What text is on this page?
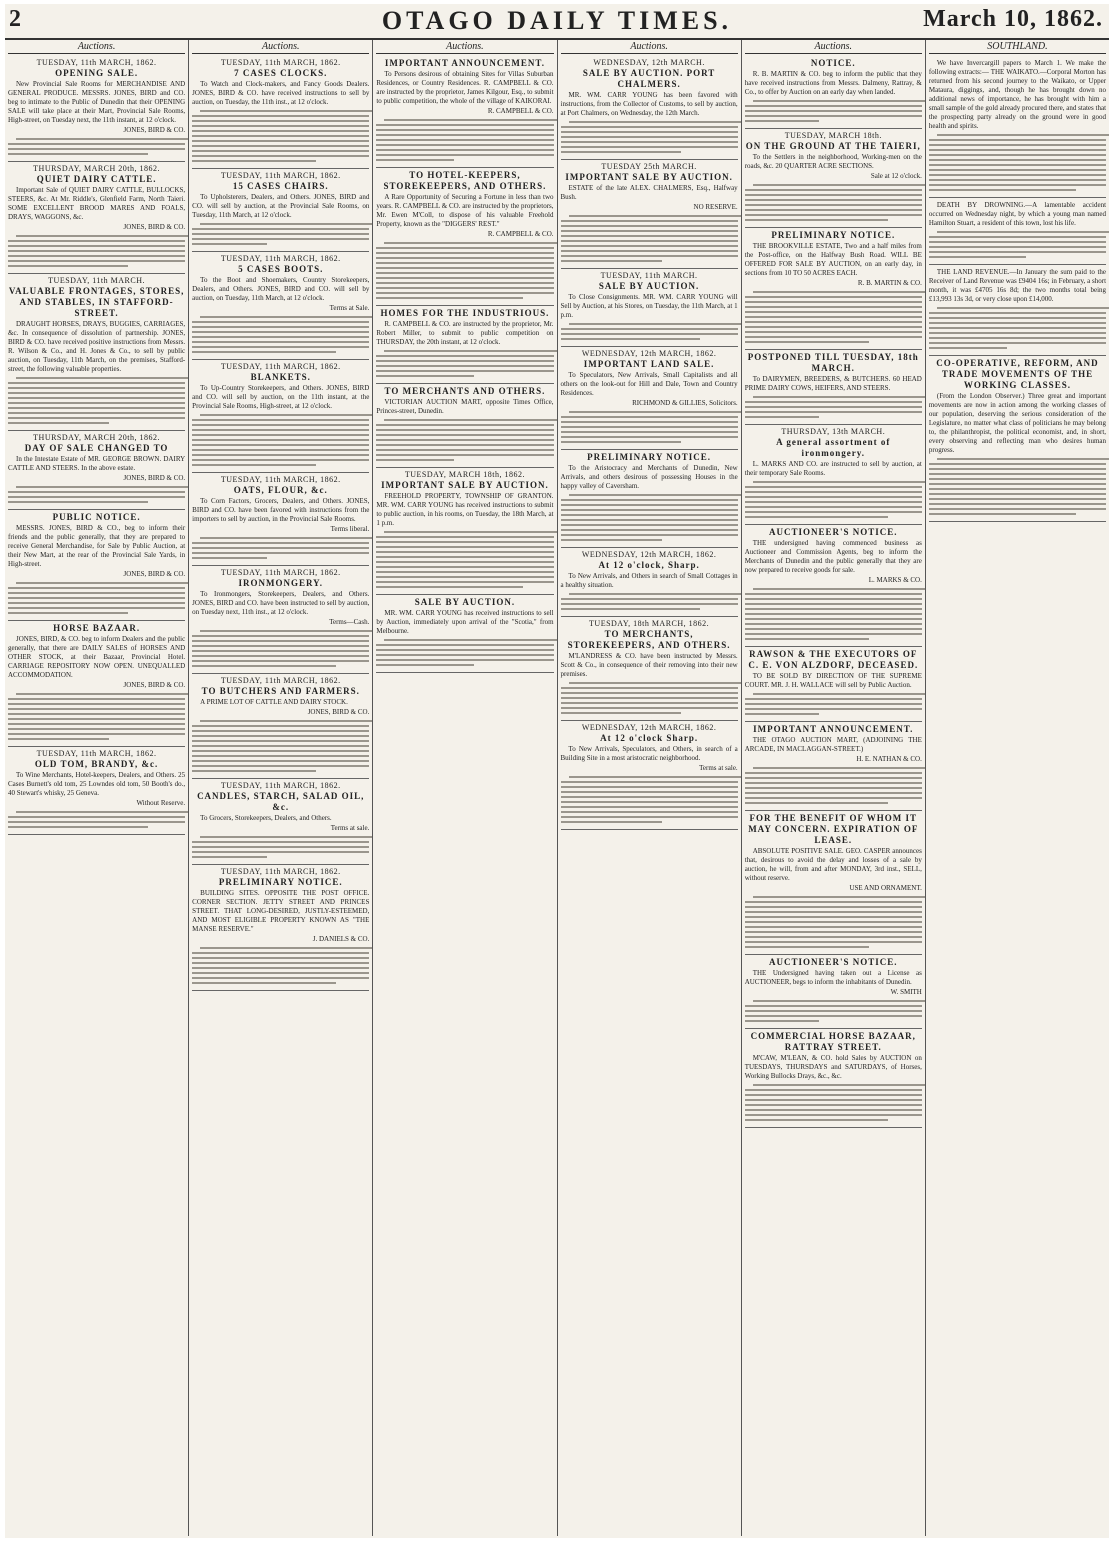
2	OTAGO DAILY TIMES.	March 10, 1862.
Auctions.
TUESDAY, 11th MARCH, 1862.
OPENING SALE.
New Provincial Sale Rooms for MERCHANDISE AND GENERAL PRODUCE. MESSRS. JONES, BIRD and CO. beg to intimate to the Public of Dunedin that their OPENING SALE will take place at their Mart, Provincial Sale Rooms, High-street, on Tuesday next, the 11th instant, at 12 o'clock.
JONES, BIRD & CO.
THURSDAY, MARCH 20th, 1862.
QUIET DAIRY CATTLE.
Important Sale of QUIET DAIRY CATTLE, BULLOCKS, STEERS, &c. At Mr. Riddle's, Glenfield Farm, North Taieri. SOME EXCELLENT BROOD MARES AND FOALS, DRAYS, WAGGONS, &c.
JONES, BIRD & CO.
TUESDAY, 11th MARCH.
VALUABLE FRONTAGES, STORES, AND STABLES, IN STAFFORD-STREET.
DRAUGHT HORSES, DRAYS, BUGGIES, CARRIAGES, &c. In consequence of dissolution of partnership. JONES, BIRD & CO. have received positive instructions from Messrs. R. Wilson & Co., and H. Jones & Co., to sell by public auction, on Tuesday, 11th March, on the premises, Stafford-street, the following valuable properties.
THURSDAY, MARCH 20th, 1862.
DAY OF SALE CHANGED TO
In the Intestate Estate of MR. GEORGE BROWN. DAIRY CATTLE AND STEERS. In the above estate.
JONES, BIRD & CO.
PUBLIC NOTICE.
MESSRS. JONES, BIRD & CO., beg to inform their friends and the public generally, that they are prepared to receive General Merchandise, for Sale by Public Auction, at their New Mart, at the rear of the Provincial Sale Yards, in High-street.
JONES, BIRD & CO.
HORSE BAZAAR.
JONES, BIRD, & CO. beg to inform Dealers and the public generally, that there are DAILY SALES of HORSES AND OTHER STOCK, at their Bazaar, Provincial Hotel. CARRIAGE REPOSITORY NOW OPEN. UNEQUALLED ACCOMMODATION.
JONES, BIRD & CO.
TUESDAY, 11th MARCH, 1862.
OLD TOM, BRANDY, &c.
To Wine Merchants, Hotel-keepers, Dealers, and Others. 25 Cases Burnett's old tom, 25 Lowndes old tom, 50 Booth's do., 40 Stewart's whisky, 25 Geneva.
Without Reserve.
Auctions.
TUESDAY, 11th MARCH, 1862.
7 CASES CLOCKS.
To Watch and Clock-makers, and Fancy Goods Dealers. JONES, BIRD & CO. have received instructions to sell by auction, on Tuesday, the 11th inst., at 12 o'clock.
TUESDAY, 11th MARCH, 1862.
15 CASES CHAIRS.
To Upholsterers, Dealers, and Others. JONES, BIRD and CO. will sell by auction, at the Provincial Sale Rooms, on Tuesday, 11th March, at 12 o'clock.
TUESDAY, 11th MARCH, 1862.
5 CASES BOOTS.
To the Boot and Shoemakers, Country Storekeepers, Dealers, and Others. JONES, BIRD and CO. will sell by auction, on Tuesday, 11th March, at 12 o'clock.
Terms at Sale.
TUESDAY, 11th MARCH, 1862.
BLANKETS.
To Up-Country Storekeepers, and Others. JONES, BIRD and CO. will sell by auction, on the 11th instant, at the Provincial Sale Rooms, High-street, at 12 o'clock.
TUESDAY, 11th MARCH, 1862.
OATS, FLOUR, &c.
To Corn Factors, Grocers, Dealers, and Others. JONES, BIRD and CO. have been favored with instructions from the importers to sell by auction, in the Provincial Sale Rooms.
Terms liberal.
TUESDAY, 11th MARCH, 1862.
IRONMONGERY.
To Ironmongers, Storekeepers, Dealers, and Others. JONES, BIRD and CO. have been instructed to sell by auction, on Tuesday next, 11th inst., at 12 o'clock.
Terms—Cash.
TUESDAY, 11th MARCH, 1862.
TO BUTCHERS AND FARMERS.
A PRIME LOT OF CATTLE AND DAIRY STOCK.
JONES, BIRD & CO.
TUESDAY, 11th MARCH, 1862.
CANDLES, STARCH, SALAD OIL, &c.
To Grocers, Storekeepers, Dealers, and Others.
Terms at sale.
TUESDAY, 11th MARCH, 1862.
PRELIMINARY NOTICE.
BUILDING SITES. OPPOSITE THE POST OFFICE. CORNER SECTION. JETTY STREET AND PRINCES STREET. THAT LONG-DESIRED, JUSTLY-ESTEEMED, AND MOST ELIGIBLE PROPERTY KNOWN AS "THE MANSE RESERVE."
J. DANIELS & CO.
Auctions.
IMPORTANT ANNOUNCEMENT.
To Persons desirous of obtaining Sites for Villas Suburban Residences, or Country Residences. R. CAMPBELL & CO. are instructed by the proprietor, James Kilgour, Esq., to submit to public competition, the whole of the village of KAIKORAI.
R. CAMPBELL & CO.
TO HOTEL-KEEPERS, STOREKEEPERS, AND OTHERS.
A Rare Opportunity of Securing a Fortune in less than two years. R. CAMPBELL & CO. are instructed by the proprietors, Mr. Ewen M'Coll, to dispose of his valuable Freehold Property, known as the "DIGGERS' REST."
R. CAMPBELL & CO.
HOMES FOR THE INDUSTRIOUS.
R. CAMPBELL & CO. are instructed by the proprietor, Mr. Robert Miller, to submit to public competition on THURSDAY, the 20th instant, at 12 o'clock.
TO MERCHANTS AND OTHERS.
VICTORIAN AUCTION MART, opposite Times Office, Princes-street, Dunedin.
TUESDAY, MARCH 18th, 1862.
IMPORTANT SALE BY AUCTION.
FREEHOLD PROPERTY, TOWNSHIP OF GRANTON. MR. WM. CARR YOUNG has received instructions to submit to public auction, in his rooms, on Tuesday, the 18th March, at 1 p.m.
SALE BY AUCTION.
MR. WM. CARR YOUNG has received instructions to sell by Auction, immediately upon arrival of the "Scotia," from Melbourne.
Auctions.
WEDNESDAY, 12th MARCH.
SALE BY AUCTION. PORT CHALMERS.
MR. WM. CARR YOUNG has been favored with instructions, from the Collector of Customs, to sell by auction, at Port Chalmers, on Wednesday, the 12th March.
TUESDAY 25th MARCH.
IMPORTANT SALE BY AUCTION.
ESTATE of the late ALEX. CHALMERS, Esq., Halfway Bush.
NO RESERVE.
TUESDAY, 11th MARCH.
SALE BY AUCTION.
To Close Consignments. MR. WM. CARR YOUNG will Sell by Auction, at his Stores, on Tuesday, the 11th March, at 1 p.m.
WEDNESDAY, 12th MARCH, 1862.
IMPORTANT LAND SALE.
To Speculators, New Arrivals, Small Capitalists and all others on the look-out for Hill and Dale, Town and Country Residences.
RICHMOND & GILLIES, Solicitors.
PRELIMINARY NOTICE.
To the Aristocracy and Merchants of Dunedin, New Arrivals, and others desirous of possessing Houses in the happy valley of Caversham.
WEDNESDAY, 12th MARCH, 1862.
At 12 o'clock, Sharp.
To New Arrivals, and Others in search of Small Cottages in a healthy situation.
TUESDAY, 18th MARCH, 1862.
TO MERCHANTS, STOREKEEPERS, AND OTHERS.
M'LANDRESS & CO. have been instructed by Messrs. Scott & Co., in consequence of their removing into their new premises.
WEDNESDAY, 12th MARCH, 1862.
At 12 o'clock Sharp.
To New Arrivals, Speculators, and Others, in search of a Building Site in a most aristocratic neighborhood.
Terms at sale.
Auctions.
NOTICE.
R. B. MARTIN & CO. beg to inform the public that they have received instructions from Messrs. Dalmeny, Rattray, & Co., to offer by Auction on an early day when landed.
TUESDAY, MARCH 18th.
ON THE GROUND AT THE TAIERI,
To the Settlers in the neighborhood, Working-men on the roads, &c. 20 QUARTER ACRE SECTIONS.
Sale at 12 o'clock.
PRELIMINARY NOTICE.
THE BROOKVILLE ESTATE, Two and a half miles from the Post-office, on the Halfway Bush Road. WILL BE OFFERED FOR SALE BY AUCTION, on an early day, in sections from 10 TO 50 ACRES EACH.
R. B. MARTIN & CO.
POSTPONED TILL TUESDAY, 18th MARCH.
To DAIRYMEN, BREEDERS, & BUTCHERS. 60 HEAD PRIME DAIRY COWS, HEIFERS, AND STEERS.
THURSDAY, 13th MARCH.
A general assortment of ironmongery.
L. MARKS AND CO. are instructed to sell by auction, at their temporary Sale Rooms.
AUCTIONEER'S NOTICE.
THE undersigned having commenced business as Auctioneer and Commission Agents, beg to inform the Merchants of Dunedin and the public generally that they are now prepared to receive goods for sale.
L. MARKS & CO.
RAWSON & THE EXECUTORS OF C. E. VON ALZDORF, DECEASED.
TO BE SOLD BY DIRECTION OF THE SUPREME COURT. MR. J. H. WALLACE will sell by Public Auction.
IMPORTANT ANNOUNCEMENT.
THE OTAGO AUCTION MART, (ADJOINING THE ARCADE, IN MACLAGGAN-STREET.)
H. E. NATHAN & CO.
FOR THE BENEFIT OF WHOM IT MAY CONCERN. EXPIRATION OF LEASE.
ABSOLUTE POSITIVE SALE. GEO. CASPER announces that, desirous to avoid the delay and losses of a sale by auction, he will, from and after MONDAY, 3rd inst., SELL, without reserve.
USE AND ORNAMENT.
AUCTIONEER'S NOTICE.
THE Undersigned having taken out a License as AUCTIONEER, begs to inform the inhabitants of Dunedin.
W. SMITH
COMMERCIAL HORSE BAZAAR, RATTRAY STREET.
M'CAW, M'LEAN, & CO. hold Sales by AUCTION on TUESDAYS, THURSDAYS and SATURDAYS, of Horses, Working Bullocks Drays, &c., &c.
SOUTHLAND.
We have Invercargill papers to March 1. We make the following extracts:— THE WAIKATO.—Corporal Morton has returned from his second journey to the Waikato, or Upper Mataura, diggings, and, though he has brought down no additional news of importance, he has brought with him a small sample of the gold already procured there, and states that the prospecting party already on the ground were in good health and spirits.
DEATH BY DROWNING.—A lamentable accident occurred on Wednesday night, by which a young man named Hamilton Stuart, a resident of this town, lost his life.
THE LAND REVENUE.—In January the sum paid to the Receiver of Land Revenue was £9404 16s; in February, a short month, it was £4705 16s 8d; the two months total being £13,993 13s 3d, or very close upon £14,000.
CO-OPERATIVE, REFORM, AND TRADE MOVEMENTS OF THE WORKING CLASSES.
(From the London Observer.) Three great and important movements are now in action among the working classes of our population, deserving the serious consideration of the Legislature, no matter what class of politicians he may belong to, the philanthropist, the political economist, and, in short, every observing and reflecting man who desires human progress.
